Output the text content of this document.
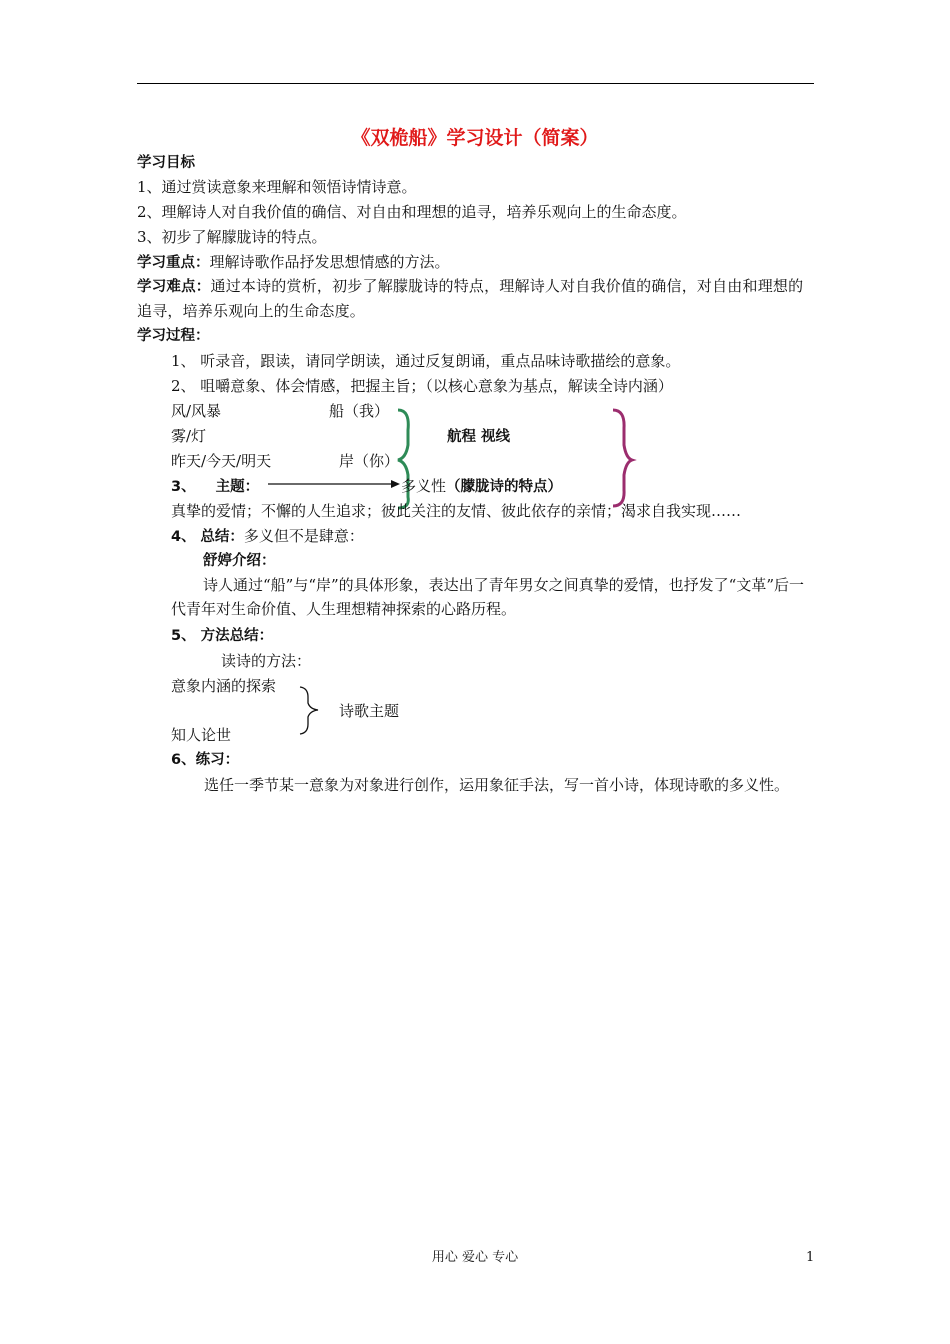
《双桅船》学习设计（简案）
学习目标
1、通过赏读意象来理解和领悟诗情诗意。
2、理解诗人对自我价值的确信、对自由和理想的追寻，培养乐观向上的生命态度。
3、初步了解朦胧诗的特点。
学习重点：理解诗歌作品抒发思想情感的方法。
学习难点：通过本诗的赏析，初步了解朦胧诗的特点，理解诗人对自我价值的确信，对自由和理想的追寻，培养乐观向上的生命态度。
学习过程：
1、 听录音，跟读，请同学朗读，通过反复朗诵，重点品味诗歌描绘的意象。
2、 咀嚼意象、体会情感，把握主旨；（以核心意象为基点，解读全诗内涵）
风/风暴	船（我）
雾/灯	航程 视线
昨天/今天/明天	岸（你）
3、 主题：	多义性（朦胧诗的特点）
真挚的爱情；不懈的人生追求；彼此关注的友情、彼此依存的亲情；渴求自我实现……
4、 总结：多义但不是肆意：
舒婷介绍：
诗人通过“船”与“岸”的具体形象，表达出了青年男女之间真挚的爱情，也抒发了“文革”后一代青年对生命价值、人生理想精神探索的心路历程。
5、 方法总结：
读诗的方法：
意象内涵的探索
诗歌主题
知人论世
6、练习：
选任一季节某一意象为对象进行创作，运用象征手法，写一首小诗，体现诗歌的多义性。
用心 爱心 专心	1
